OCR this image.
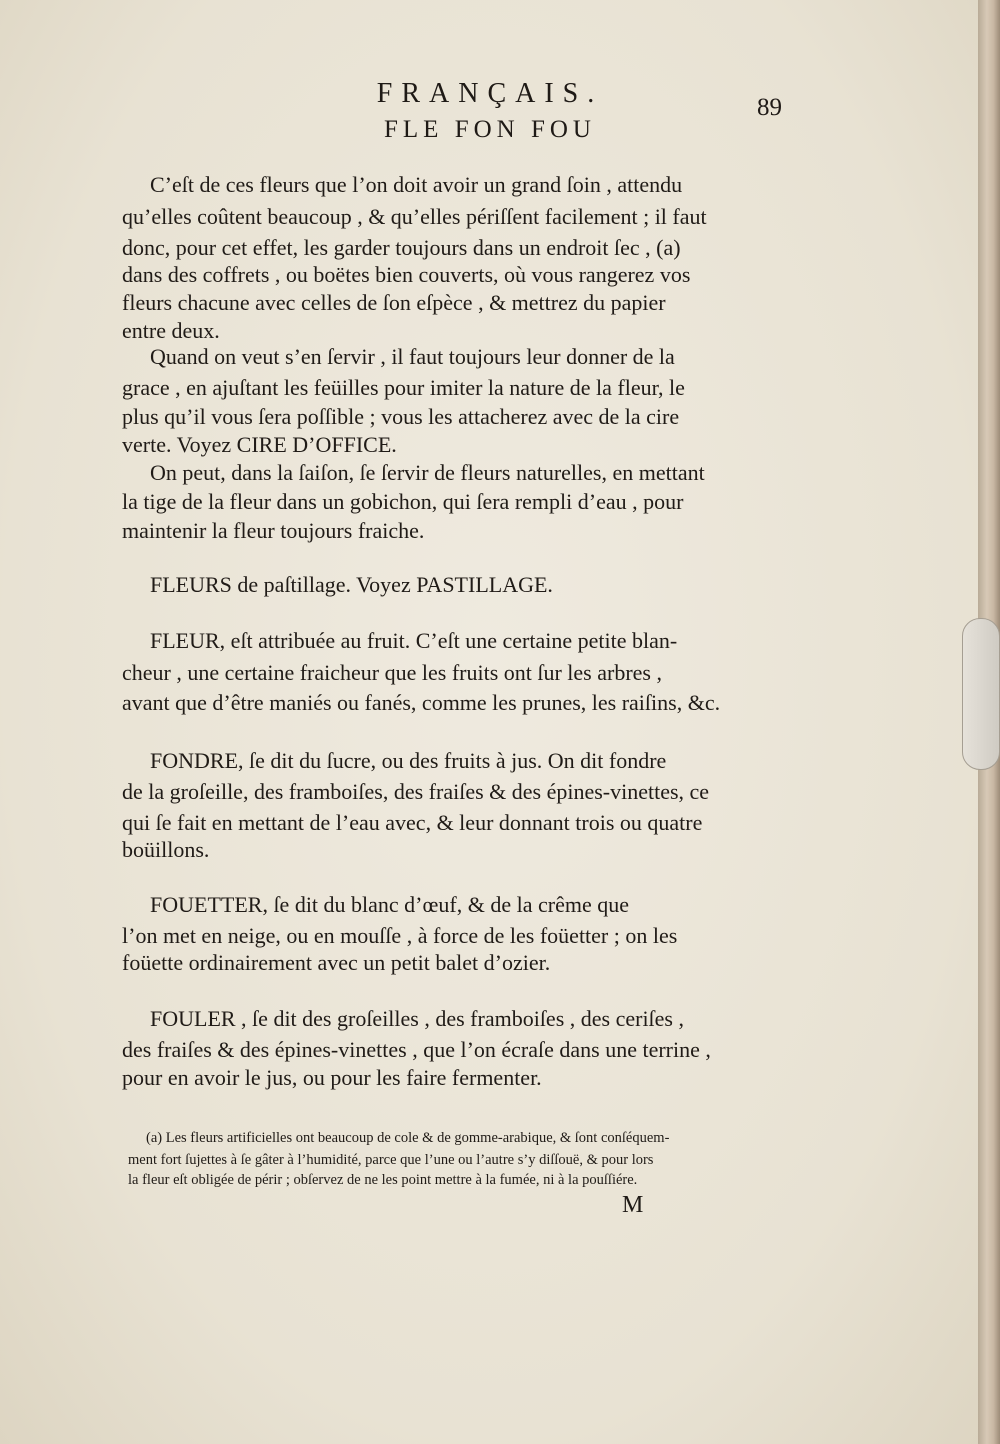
FRANÇAIS.
FLE FON FOU
89
C’eſt de ces fleurs que l’on doit avoir un grand ſoin , attendu
qu’elles coûtent beaucoup , & qu’elles périſſent facilement ; il faut
donc, pour cet effet, les garder toujours dans un endroit ſec , (a)
dans des coffrets , ou boëtes bien couverts, où vous rangerez vos
fleurs chacune avec celles de ſon eſpèce , & mettrez du papier
entre deux.
Quand on veut s’en ſervir , il faut toujours leur donner de la
grace , en ajuſtant les feüilles pour imiter la nature de la fleur, le
plus qu’il vous ſera poſſible ; vous les attacherez avec de la cire
verte. Voyez CIRE D’OFFICE.
On peut, dans la ſaiſon, ſe ſervir de fleurs naturelles, en mettant
la tige de la fleur dans un gobichon, qui ſera rempli d’eau , pour
maintenir la fleur toujours fraiche.
FLEURS de paſtillage. Voyez PASTILLAGE.
FLEUR, eſt attribuée au fruit. C’eſt une certaine petite blan-
cheur , une certaine fraicheur que les fruits ont ſur les arbres ,
avant que d’être maniés ou fanés, comme les prunes, les raiſins, &c.
FONDRE, ſe dit du ſucre, ou des fruits à jus. On dit fondre
de la groſeille, des framboiſes, des fraiſes & des épines-vinettes, ce
qui ſe fait en mettant de l’eau avec, & leur donnant trois ou quatre
boüillons.
FOUETTER, ſe dit du blanc d’œuf, & de la crême que
l’on met en neige, ou en mouſſe , à force de les foüetter ; on les
foüette ordinairement avec un petit balet d’ozier.
FOULER , ſe dit des groſeilles , des framboiſes , des ceriſes ,
des fraiſes & des épines-vinettes , que l’on écraſe dans une terrine ,
pour en avoir le jus, ou pour les faire fermenter.
(a) Les fleurs artificielles ont beaucoup de cole & de gomme-arabique, & ſont conſéquem-
ment fort ſujettes à ſe gâter à l’humidité, parce que l’une ou l’autre s’y diſſouë, & pour lors
la fleur eſt obligée de périr ; obſervez de ne les point mettre à la fumée, ni à la pouſſiére.
M
